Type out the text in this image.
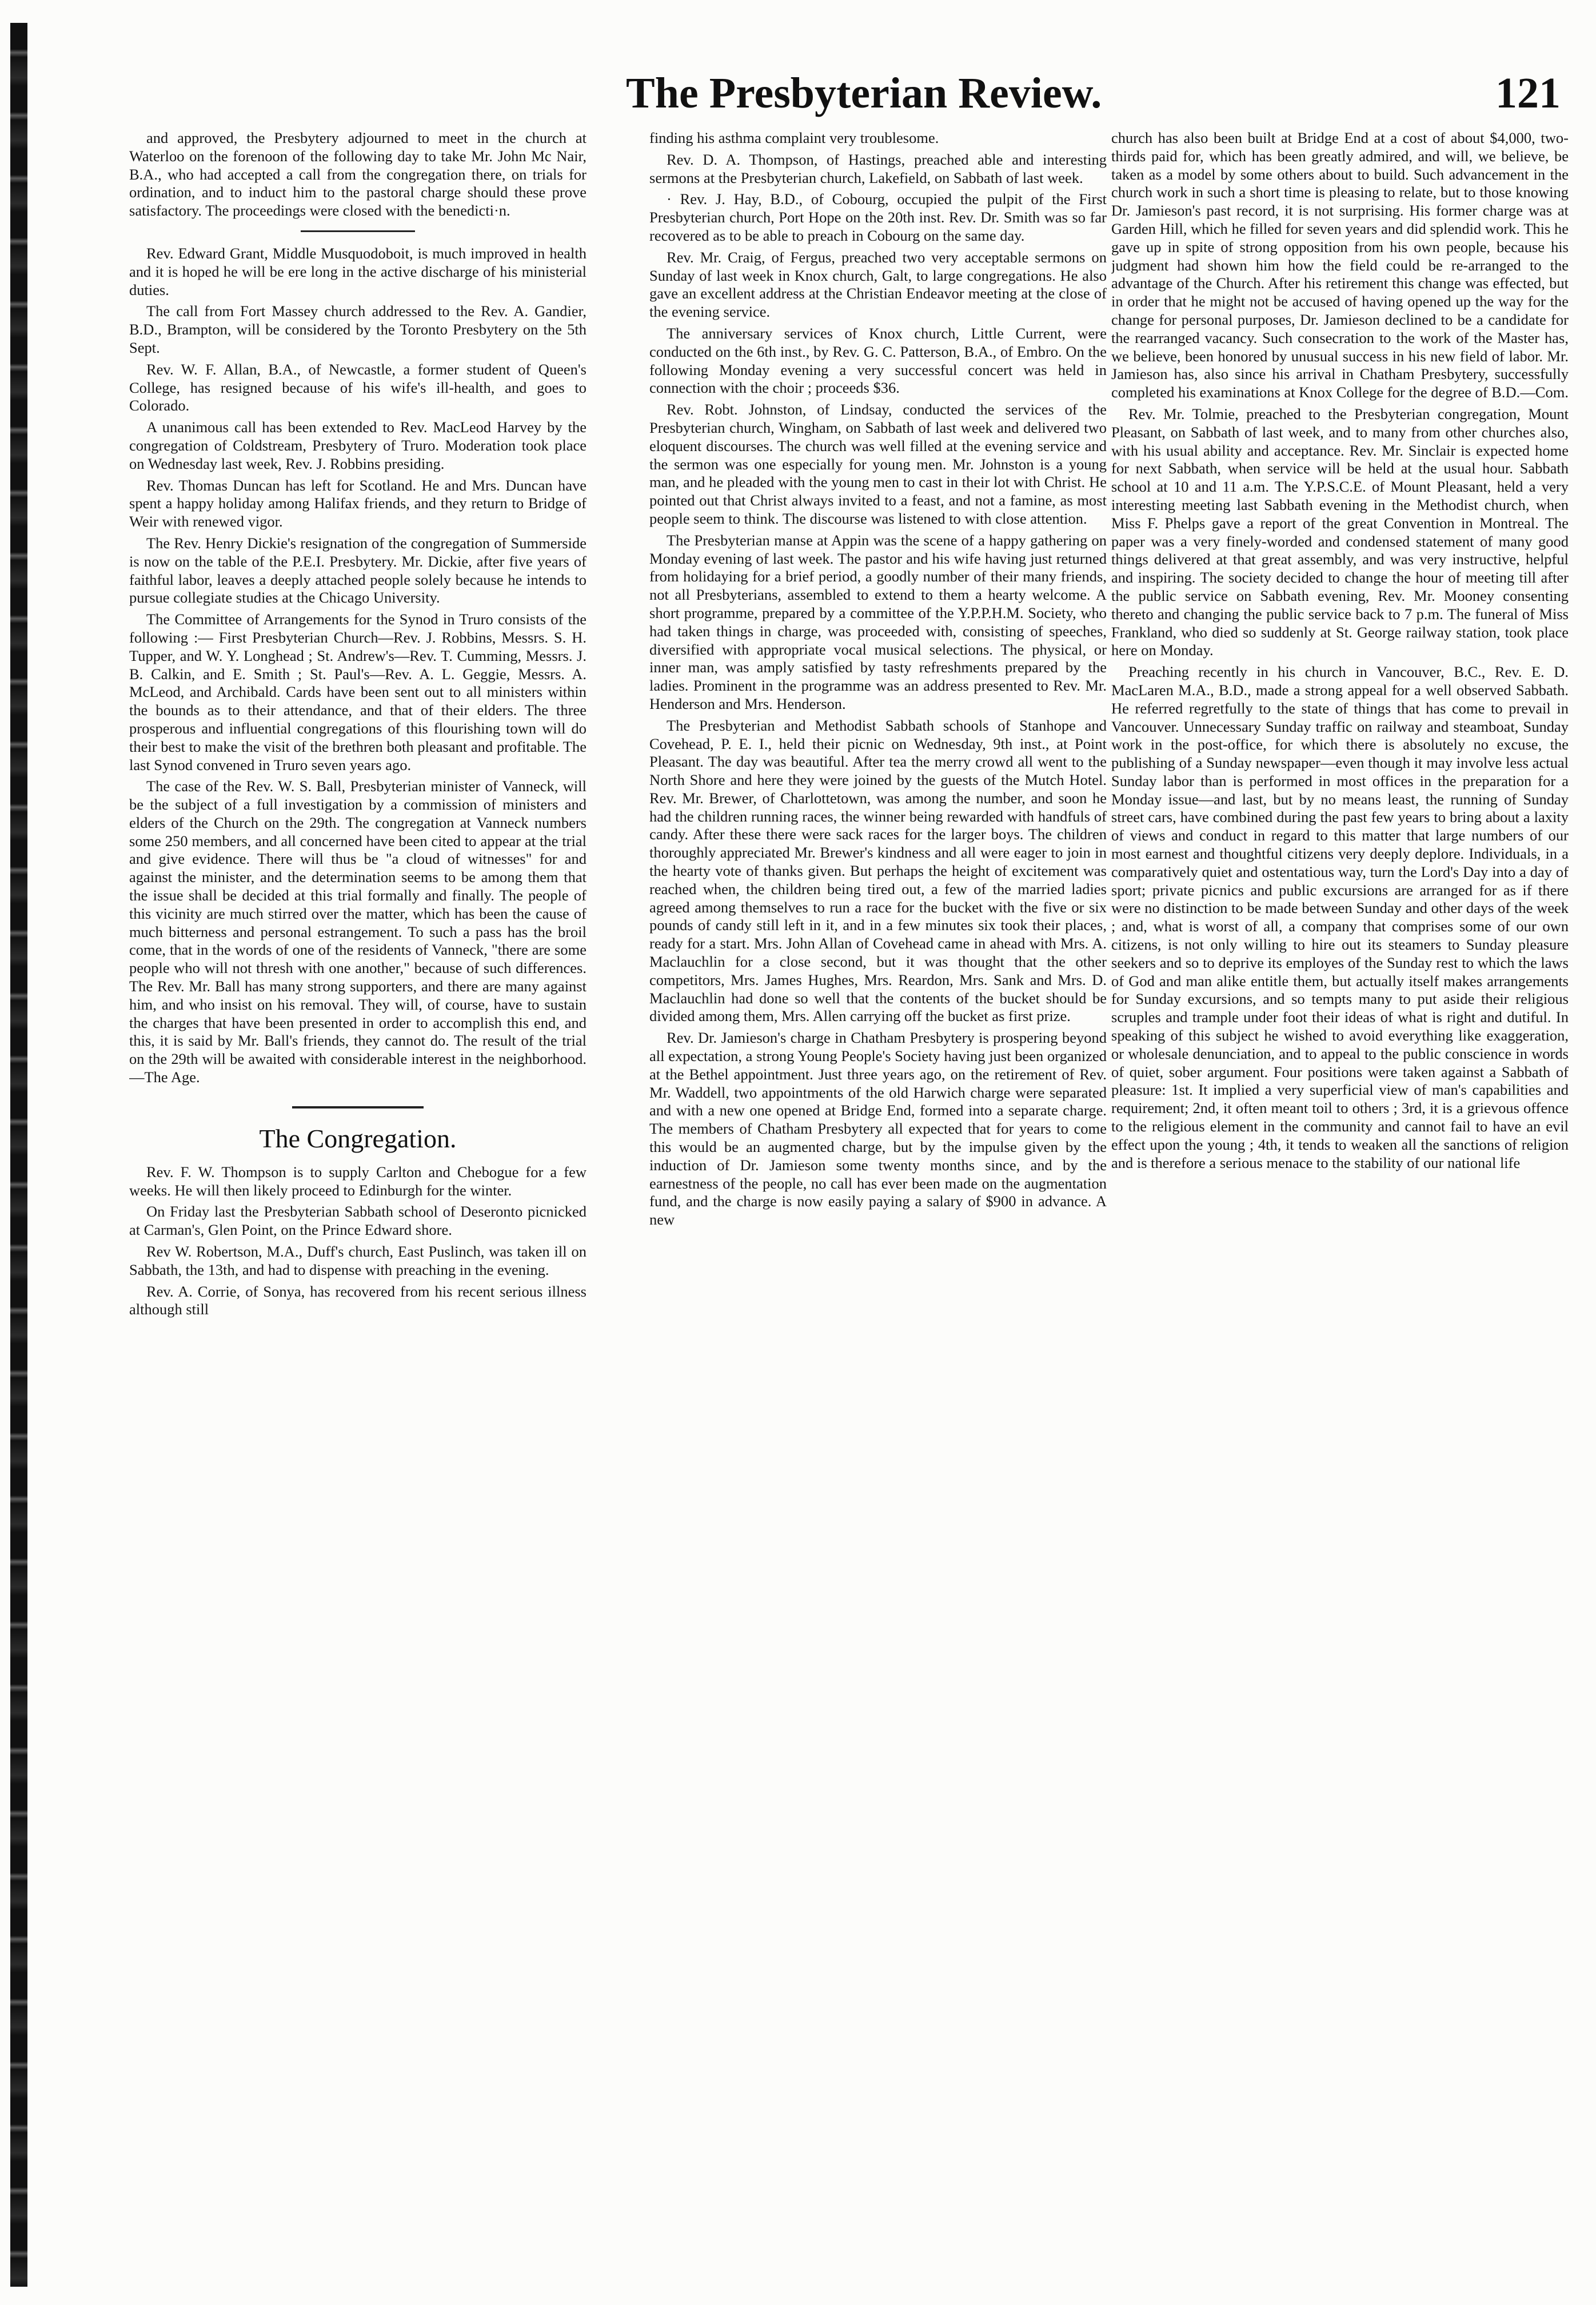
The Presbyterian Review.	121

and approved, the Presbytery adjourned to meet in the church at Waterloo on the forenoon of the following day to take Mr. John Mc Nair, B.A., who had accepted a call from the congregation there, on trials for ordination, and to induct him to the pastoral charge should these prove satisfactory. The proceedings were closed with the benedicti·n.

Rev. Edward Grant, Middle Musquodoboit, is much improved in health and it is hoped he will be ere long in the active discharge of his ministerial duties.

The call from Fort Massey church addressed to the Rev. A. Gandier, B.D., Brampton, will be considered by the Toronto Presbytery on the 5th Sept.

Rev. W. F. Allan, B.A., of Newcastle, a former student of Queen's College, has resigned because of his wife's ill-health, and goes to Colorado.

A unanimous call has been extended to Rev. MacLeod Harvey by the congregation of Coldstream, Presbytery of Truro. Moderation took place on Wednesday last week, Rev. J. Robbins presiding.

Rev. Thomas Duncan has left for Scotland. He and Mrs. Duncan have spent a happy holiday among Halifax friends, and they return to Bridge of Weir with renewed vigor.

The Rev. Henry Dickie's resignation of the congregation of Summerside is now on the table of the P.E.I. Presbytery. Mr. Dickie, after five years of faithful labor, leaves a deeply attached people solely because he intends to pursue collegiate studies at the Chicago University.

The Committee of Arrangements for the Synod in Truro consists of the following :— First Presbyterian Church—Rev. J. Robbins, Messrs. S. H. Tupper, and W. Y. Longhead ; St. Andrew's—Rev. T. Cumming, Messrs. J. B. Calkin, and E. Smith ; St. Paul's—Rev. A. L. Geggie, Messrs. A. McLeod, and Archibald. Cards have been sent out to all ministers within the bounds as to their attendance, and that of their elders. The three prosperous and influential congregations of this flourishing town will do their best to make the visit of the brethren both pleasant and profitable. The last Synod convened in Truro seven years ago.

The case of the Rev. W. S. Ball, Presbyterian minister of Vanneck, will be the subject of a full investigation by a commission of ministers and elders of the Church on the 29th. The congregation at Vanneck numbers some 250 members, and all concerned have been cited to appear at the trial and give evidence. There will thus be "a cloud of witnesses" for and against the minister, and the determination seems to be among them that the issue shall be decided at this trial formally and finally. The people of this vicinity are much stirred over the matter, which has been the cause of much bitterness and personal estrangement. To such a pass has the broil come, that in the words of one of the residents of Vanneck, "there are some people who will not thresh with one another," because of such differences. The Rev. Mr. Ball has many strong supporters, and there are many against him, and who insist on his removal. They will, of course, have to sustain the charges that have been presented in order to accomplish this end, and this, it is said by Mr. Ball's friends, they cannot do. The result of the trial on the 29th will be awaited with considerable interest in the neighborhood.—The Age.

The Congregation.

Rev. F. W. Thompson is to supply Carlton and Chebogue for a few weeks. He will then likely proceed to Edinburgh for the winter.

On Friday last the Presbyterian Sabbath school of Deseronto picnicked at Carman's, Glen Point, on the Prince Edward shore.

Rev W. Robertson, M.A., Duff's church, East Puslinch, was taken ill on Sabbath, the 13th, and had to dispense with preaching in the evening.

Rev. A. Corrie, of Sonya, has recovered from his recent serious illness although still

finding his asthma complaint very troublesome.

Rev. D. A. Thompson, of Hastings, preached able and interesting sermons at the Presbyterian church, Lakefield, on Sabbath of last week.

· Rev. J. Hay, B.D., of Cobourg, occupied the pulpit of the First Presbyterian church, Port Hope on the 20th inst. Rev. Dr. Smith was so far recovered as to be able to preach in Cobourg on the same day.

Rev. Mr. Craig, of Fergus, preached two very acceptable sermons on Sunday of last week in Knox church, Galt, to large congregations. He also gave an excellent address at the Christian Endeavor meeting at the close of the evening service.

The anniversary services of Knox church, Little Current, were conducted on the 6th inst., by Rev. G. C. Patterson, B.A., of Embro. On the following Monday evening a very successful concert was held in connection with the choir ; proceeds $36.

Rev. Robt. Johnston, of Lindsay, conducted the services of the Presbyterian church, Wingham, on Sabbath of last week and delivered two eloquent discourses. The church was well filled at the evening service and the sermon was one especially for young men. Mr. Johnston is a young man, and he pleaded with the young men to cast in their lot with Christ. He pointed out that Christ always invited to a feast, and not a famine, as most people seem to think. The discourse was listened to with close attention.

The Presbyterian manse at Appin was the scene of a happy gathering on Monday evening of last week. The pastor and his wife having just returned from holidaying for a brief period, a goodly number of their many friends, not all Presbyterians, assembled to extend to them a hearty welcome. A short programme, prepared by a committee of the Y.P.P.H.M. Society, who had taken things in charge, was proceeded with, consisting of speeches, diversified with appropriate vocal musical selections. The physical, or inner man, was amply satisfied by tasty refreshments prepared by the ladies. Prominent in the programme was an address presented to Rev. Mr. Henderson and Mrs. Henderson.

The Presbyterian and Methodist Sabbath schools of Stanhope and Covehead, P. E. I., held their picnic on Wednesday, 9th inst., at Point Pleasant. The day was beautiful. After tea the merry crowd all went to the North Shore and here they were joined by the guests of the Mutch Hotel. Rev. Mr. Brewer, of Charlottetown, was among the number, and soon he had the children running races, the winner being rewarded with handfuls of candy. After these there were sack races for the larger boys. The children thoroughly appreciated Mr. Brewer's kindness and all were eager to join in the hearty vote of thanks given. But perhaps the height of excitement was reached when, the children being tired out, a few of the married ladies agreed among themselves to run a race for the bucket with the five or six pounds of candy still left in it, and in a few minutes six took their places, ready for a start. Mrs. John Allan of Covehead came in ahead with Mrs. A. Maclauchlin for a close second, but it was thought that the other competitors, Mrs. James Hughes, Mrs. Reardon, Mrs. Sank and Mrs. D. Maclauchlin had done so well that the contents of the bucket should be divided among them, Mrs. Allen carrying off the bucket as first prize.

Rev. Dr. Jamieson's charge in Chatham Presbytery is prospering beyond all expectation, a strong Young People's Society having just been organized at the Bethel appointment. Just three years ago, on the retirement of Rev. Mr. Waddell, two appointments of the old Harwich charge were separated and with a new one opened at Bridge End, formed into a separate charge. The members of Chatham Presbytery all expected that for years to come this would be an augmented charge, but by the impulse given by the induction of Dr. Jamieson some twenty months since, and by the earnestness of the people, no call has ever been made on the augmentation fund, and the charge is now easily paying a salary of $900 in advance. A new

church has also been built at Bridge End at a cost of about $4,000, two-thirds paid for, which has been greatly admired, and will, we believe, be taken as a model by some others about to build. Such advancement in the church work in such a short time is pleasing to relate, but to those knowing Dr. Jamieson's past record, it is not surprising. His former charge was at Garden Hill, which he filled for seven years and did splendid work. This he gave up in spite of strong opposition from his own people, because his judgment had shown him how the field could be re-arranged to the advantage of the Church. After his retirement this change was effected, but in order that he might not be accused of having opened up the way for the change for personal purposes, Dr. Jamieson declined to be a candidate for the rearranged vacancy. Such consecration to the work of the Master has, we believe, been honored by unusual success in his new field of labor. Mr. Jamieson has, also since his arrival in Chatham Presbytery, successfully completed his examinations at Knox College for the degree of B.D.—Com.

Rev. Mr. Tolmie, preached to the Presbyterian congregation, Mount Pleasant, on Sabbath of last week, and to many from other churches also, with his usual ability and acceptance. Rev. Mr. Sinclair is expected home for next Sabbath, when service will be held at the usual hour. Sabbath school at 10 and 11 a.m. The Y.P.S.C.E. of Mount Pleasant, held a very interesting meeting last Sabbath evening in the Methodist church, when Miss F. Phelps gave a report of the great Convention in Montreal. The paper was a very finely-worded and condensed statement of many good things delivered at that great assembly, and was very instructive, helpful and inspiring. The society decided to change the hour of meeting till after the public service on Sabbath evening, Rev. Mr. Mooney consenting thereto and changing the public service back to 7 p.m. The funeral of Miss Frankland, who died so suddenly at St. George railway station, took place here on Monday.

Preaching recently in his church in Vancouver, B.C., Rev. E. D. MacLaren M.A., B.D., made a strong appeal for a well observed Sabbath. He referred regretfully to the state of things that has come to prevail in Vancouver. Unnecessary Sunday traffic on railway and steamboat, Sunday work in the post-office, for which there is absolutely no excuse, the publishing of a Sunday newspaper—even though it may involve less actual Sunday labor than is performed in most offices in the preparation for a Monday issue—and last, but by no means least, the running of Sunday street cars, have combined during the past few years to bring about a laxity of views and conduct in regard to this matter that large numbers of our most earnest and thoughtful citizens very deeply deplore. Individuals, in a comparatively quiet and ostentatious way, turn the Lord's Day into a day of sport; private picnics and public excursions are arranged for as if there were no distinction to be made between Sunday and other days of the week ; and, what is worst of all, a company that comprises some of our own citizens, is not only willing to hire out its steamers to Sunday pleasure seekers and so to deprive its employes of the Sunday rest to which the laws of God and man alike entitle them, but actually itself makes arrangements for Sunday excursions, and so tempts many to put aside their religious scruples and trample under foot their ideas of what is right and dutiful. In speaking of this subject he wished to avoid everything like exaggeration, or wholesale denunciation, and to appeal to the public conscience in words of quiet, sober argument. Four positions were taken against a Sabbath of pleasure: 1st. It implied a very superficial view of man's capabilities and requirement; 2nd, it often meant toil to others ; 3rd, it is a grievous offence to the religious element in the community and cannot fail to have an evil effect upon the young ; 4th, it tends to weaken all the sanctions of religion and is therefore a serious menace to the stability of our national life
